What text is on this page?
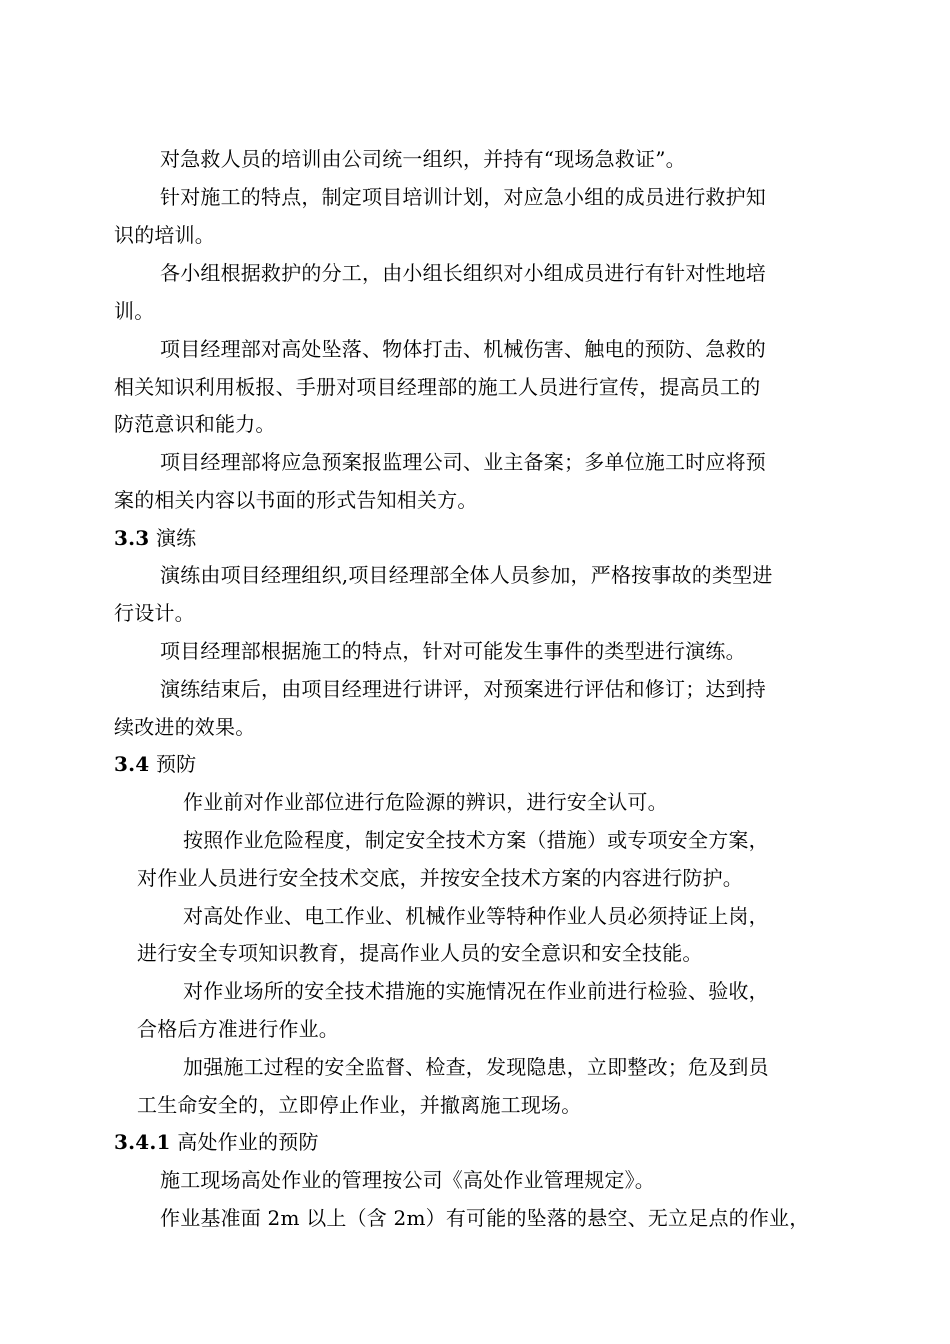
对急救人员的培训由公司统一组织，并持有“现场急救证”。
针对施工的特点，制定项目培训计划，对应急小组的成员进行救护知
识的培训。
各小组根据救护的分工，由小组长组织对小组成员进行有针对性地培
训。
项目经理部对高处坠落、物体打击、机械伤害、触电的预防、急救的
相关知识利用板报、手册对项目经理部的施工人员进行宣传，提高员工的
防范意识和能力。
项目经理部将应急预案报监理公司、业主备案；多单位施工时应将预
案的相关内容以书面的形式告知相关方。
3.3 演练
演练由项目经理组织,项目经理部全体人员参加，严格按事故的类型进
行设计。
项目经理部根据施工的特点，针对可能发生事件的类型进行演练。
演练结束后，由项目经理进行讲评，对预案进行评估和修订；达到持
续改进的效果。
3.4 预防
作业前对作业部位进行危险源的辨识，进行安全认可。
按照作业危险程度，制定安全技术方案（措施）或专项安全方案，
对作业人员进行安全技术交底，并按安全技术方案的内容进行防护。
对高处作业、电工作业、机械作业等特种作业人员必须持证上岗，
进行安全专项知识教育，提高作业人员的安全意识和安全技能。
对作业场所的安全技术措施的实施情况在作业前进行检验、验收，
合格后方准进行作业。
加强施工过程的安全监督、检查，发现隐患，立即整改；危及到员
工生命安全的，立即停止作业，并撤离施工现场。
3.4.1 高处作业的预防
施工现场高处作业的管理按公司《高处作业管理规定》。
作业基准面 2m 以上（含 2m）有可能的坠落的悬空、无立足点的作业，
